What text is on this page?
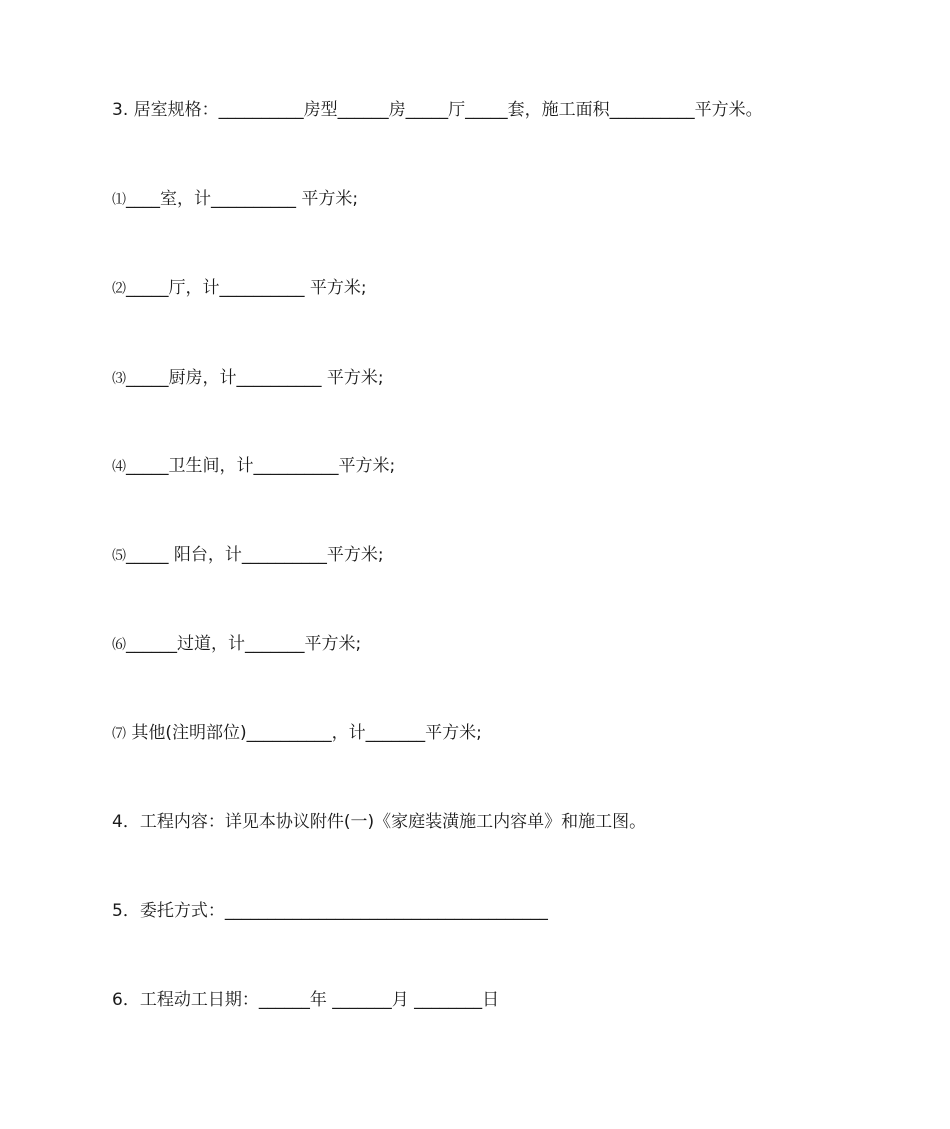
3. 居室规格：__________房型______房_____厅_____套，施工面积__________平方米。
⑴____室，计__________ 平方米;
⑵_____厅，计__________ 平方米;
⑶_____厨房，计__________ 平方米;
⑷_____卫生间，计__________平方米;
⑸_____ 阳台，计__________平方米;
⑹______过道，计_______平方米;
⑺ 其他(注明部位)__________，计_______平方米;
4．工程内容：详见本协议附件(一)《家庭装潢施工内容单》和施工图。
5．委托方式：______________________________________
6．工程动工日期：______年 _______月 ________日
